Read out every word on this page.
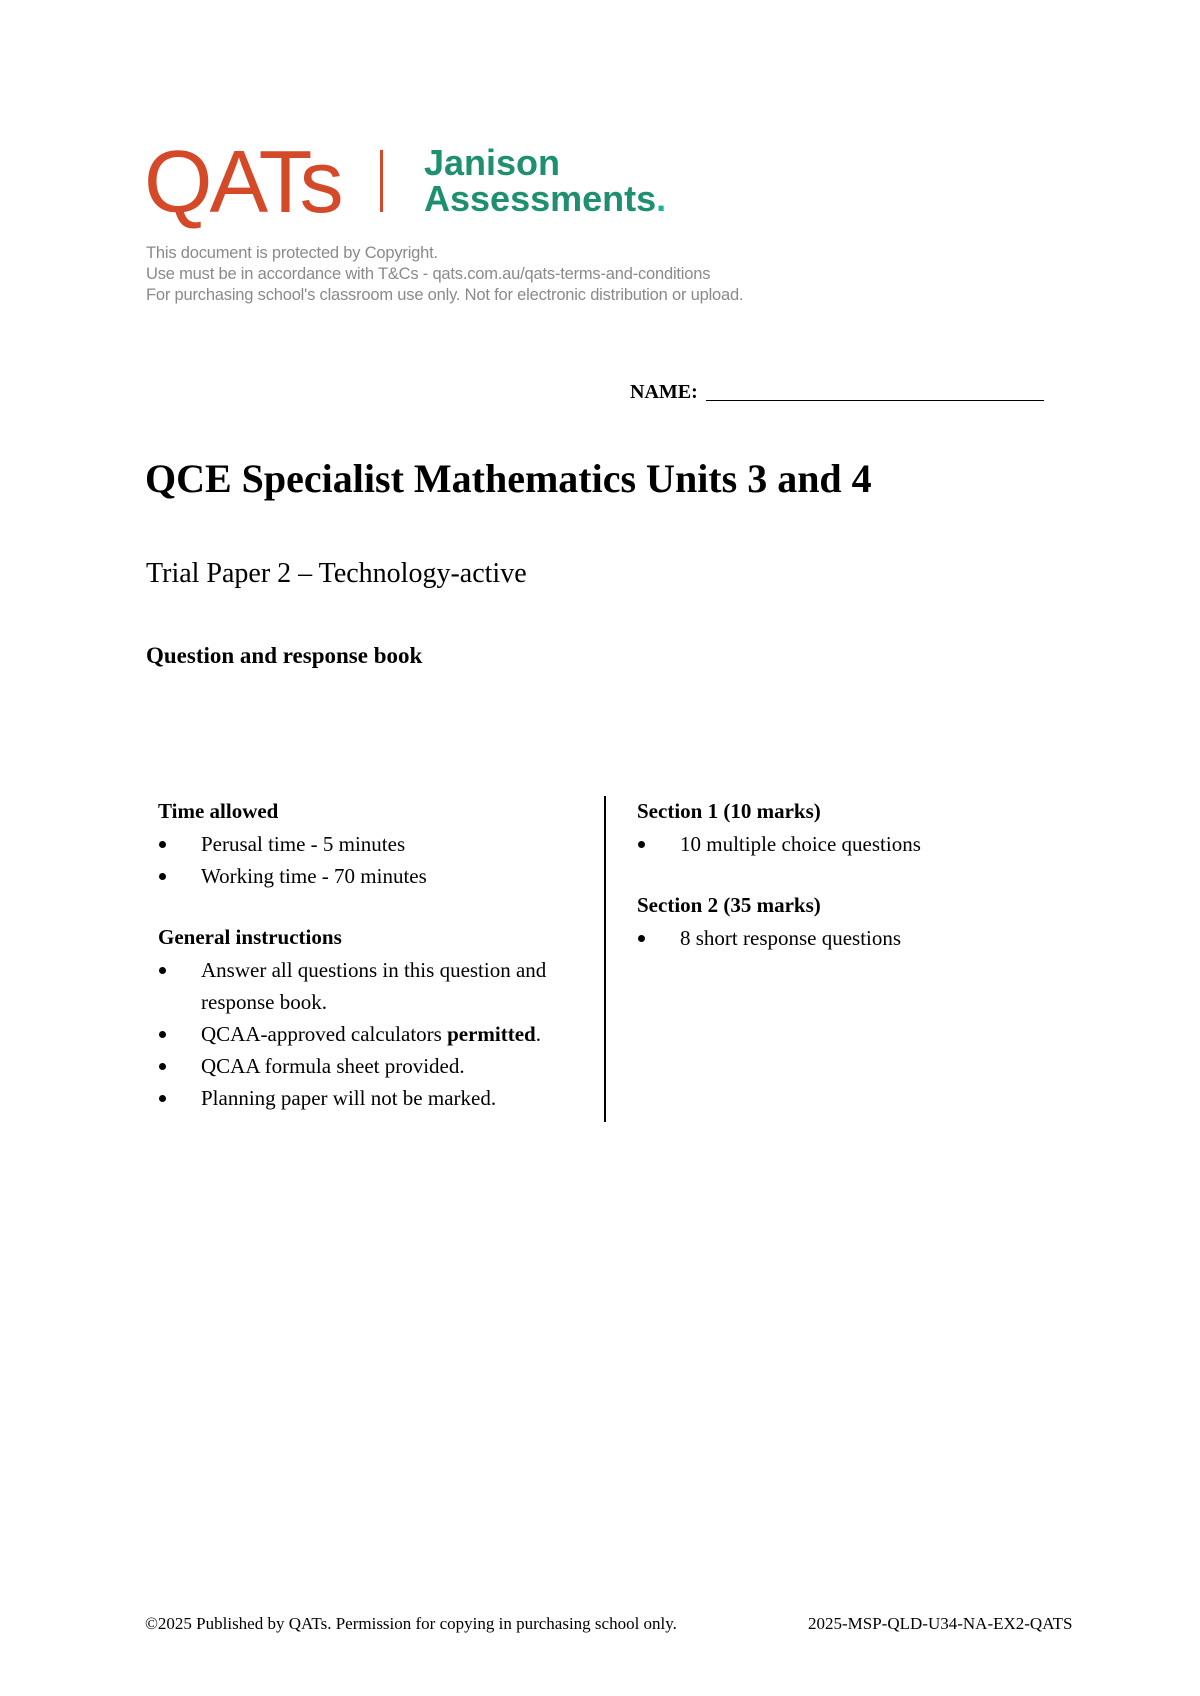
QATs Janison
Assessments.
This document is protected by Copyright.
Use must be in accordance with T&Cs - qats.com.au/qats-terms-and-conditions
For purchasing school's classroom use only. Not for electronic distribution or upload.
NAME:
QCE Specialist Mathematics Units 3 and 4
Trial Paper 2 – Technology-active
Question and response book
Time allowed
Perusal time - 5 minutes
Working time - 70 minutes
General instructions
Answer all questions in this question and response book.
QCAA-approved calculators permitted.
QCAA formula sheet provided.
Planning paper will not be marked.
Section 1 (10 marks)
10 multiple choice questions
Section 2 (35 marks)
8 short response questions
©2025 Published by QATs. Permission for copying in purchasing school only.	2025-MSP-QLD-U34-NA-EX2-QATS
